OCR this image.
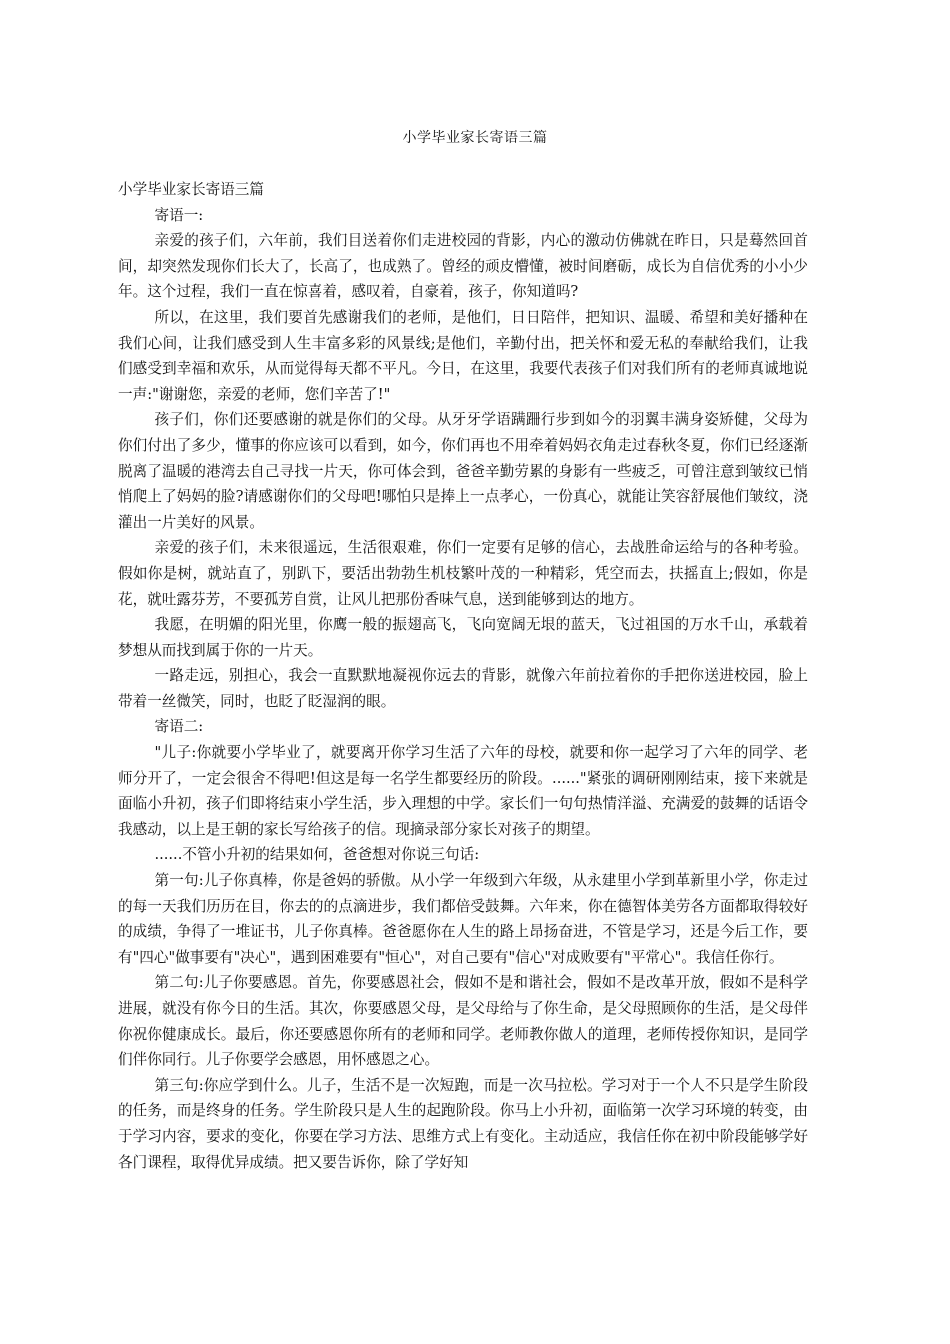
小学毕业家长寄语三篇

小学毕业家长寄语三篇

寄语一:

亲爱的孩子们，六年前，我们目送着你们走进校园的背影，内心的激动仿佛就在昨日，只是蓦然回首间，却突然发现你们长大了，长高了，也成熟了。曾经的顽皮懵懂，被时间磨砺，成长为自信优秀的小小少年。这个过程，我们一直在惊喜着，感叹着，自豪着，孩子，你知道吗?

所以，在这里，我们要首先感谢我们的老师，是他们，日日陪伴，把知识、温暖、希望和美好播种在我们心间，让我们感受到人生丰富多彩的风景线;是他们，辛勤付出，把关怀和爱无私的奉献给我们，让我们感受到幸福和欢乐，从而觉得每天都不平凡。今日，在这里，我要代表孩子们对我们所有的老师真诚地说一声:"谢谢您，亲爱的老师，您们辛苦了!"

孩子们，你们还要感谢的就是你们的父母。从牙牙学语蹒跚行步到如今的羽翼丰满身姿矫健，父母为你们付出了多少，懂事的你应该可以看到，如今，你们再也不用牵着妈妈衣角走过春秋冬夏，你们已经逐渐脱离了温暖的港湾去自己寻找一片天，你可体会到，爸爸辛勤劳累的身影有一些疲乏，可曾注意到皱纹已悄悄爬上了妈妈的脸?请感谢你们的父母吧!哪怕只是捧上一点孝心，一份真心，就能让笑容舒展他们皱纹，浇灌出一片美好的风景。

亲爱的孩子们，未来很遥远，生活很艰难，你们一定要有足够的信心，去战胜命运给与的各种考验。假如你是树，就站直了，别趴下，要活出勃勃生机枝繁叶茂的一种精彩，凭空而去，扶摇直上;假如，你是花，就吐露芬芳，不要孤芳自赏，让风儿把那份香味气息，送到能够到达的地方。

我愿，在明媚的阳光里，你鹰一般的振翅高飞，飞向宽阔无垠的蓝天，飞过祖国的万水千山，承载着梦想从而找到属于你的一片天。

一路走远，别担心，我会一直默默地凝视你远去的背影，就像六年前拉着你的手把你送进校园，脸上带着一丝微笑，同时，也眨了眨湿润的眼。

寄语二:

"儿子:你就要小学毕业了，就要离开你学习生活了六年的母校，就要和你一起学习了六年的同学、老师分开了，一定会很舍不得吧!但这是每一名学生都要经历的阶段。......"紧张的调研刚刚结束，接下来就是面临小升初，孩子们即将结束小学生活，步入理想的中学。家长们一句句热情洋溢、充满爱的鼓舞的话语令我感动，以上是王朝的家长写给孩子的信。现摘录部分家长对孩子的期望。

......不管小升初的结果如何，爸爸想对你说三句话:

第一句:儿子你真棒，你是爸妈的骄傲。从小学一年级到六年级，从永建里小学到革新里小学，你走过的每一天我们历历在目，你去的的点滴进步，我们都倍受鼓舞。六年来，你在德智体美劳各方面都取得较好的成绩，争得了一堆证书，儿子你真棒。爸爸愿你在人生的路上昂扬奋进，不管是学习，还是今后工作，要有"四心"做事要有"决心"，遇到困难要有"恒心"，对自己要有"信心"对成败要有"平常心"。我信任你行。

第二句:儿子你要感恩。首先，你要感恩社会，假如不是和谐社会，假如不是改革开放，假如不是科学进展，就没有你今日的生活。其次，你要感恩父母，是父母给与了你生命，是父母照顾你的生活，是父母伴你祝你健康成长。最后，你还要感恩你所有的老师和同学。老师教你做人的道理，老师传授你知识，是同学们伴你同行。儿子你要学会感恩，用怀感恩之心。

第三句:你应学到什么。儿子，生活不是一次短跑，而是一次马拉松。学习对于一个人不只是学生阶段的任务，而是终身的任务。学生阶段只是人生的起跑阶段。你马上小升初，面临第一次学习环境的转变，由于学习内容，要求的变化，你要在学习方法、思维方式上有变化。主动适应，我信任你在初中阶段能够学好各门课程，取得优异成绩。把又要告诉你，除了学好知
